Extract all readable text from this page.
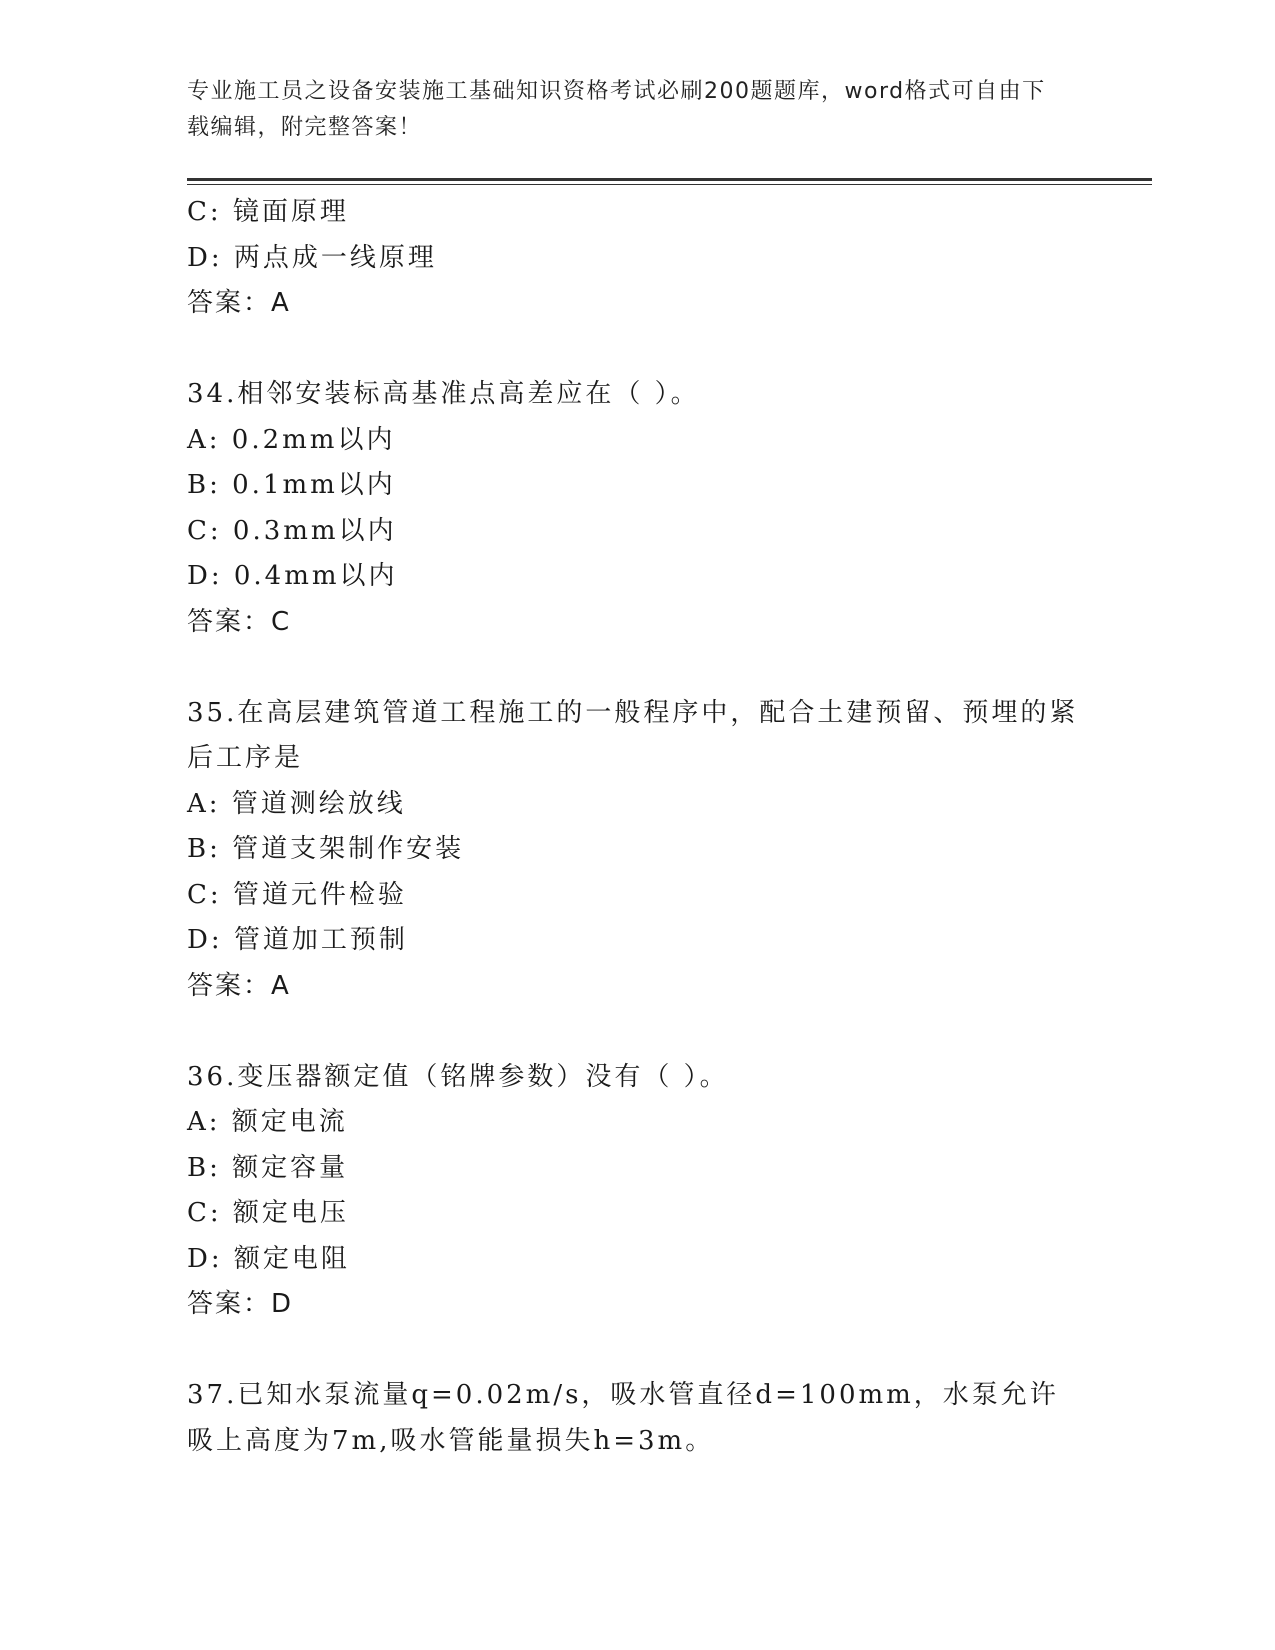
专业施工员之设备安装施工基础知识资格考试必刷200题题库，word格式可自由下载编辑，附完整答案！
C: 镜面原理
D: 两点成一线原理
答案：A
34.相邻安装标高基准点高差应在（ ）。
A: 0.2mm以内
B: 0.1mm以内
C: 0.3mm以内
D: 0.4mm以内
答案：C
35.在高层建筑管道工程施工的一般程序中，配合土建预留、预埋的紧后工序是
A: 管道测绘放线
B: 管道支架制作安装
C: 管道元件检验
D: 管道加工预制
答案：A
36.变压器额定值（铭牌参数）没有（ ）。
A: 额定电流
B: 额定容量
C: 额定电压
D: 额定电阻
答案：D
37.已知水泵流量q=0.02m/s，吸水管直径d=100mm，水泵允许吸上高度为7m,吸水管能量损失h=3m。
